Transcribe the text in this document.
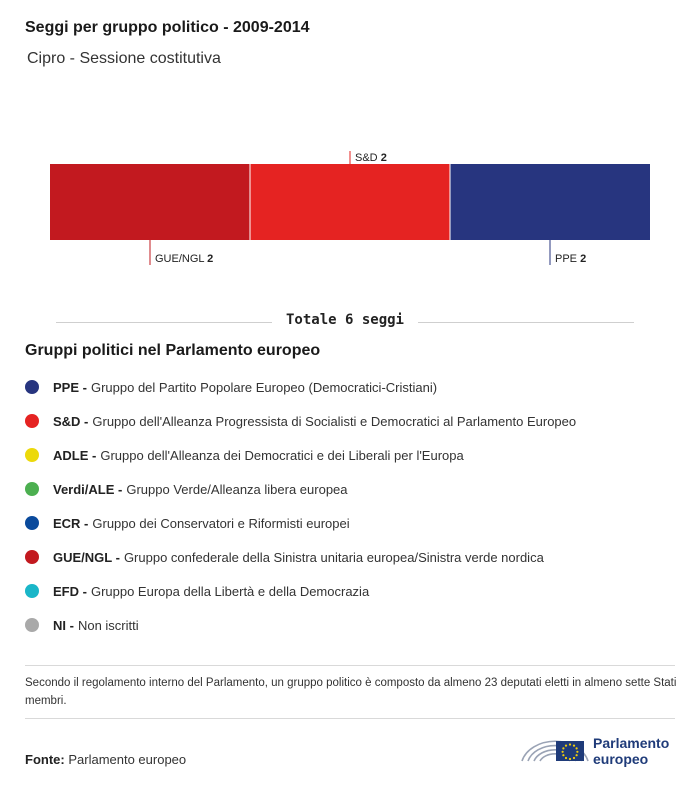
Seggi per gruppo politico - 2009-2014
Cipro - Sessione costitutiva
GUE/NGL 2
S&D 2
PPE 2
Totale 6 seggi
Gruppi politici nel Parlamento europeo
PPE - Gruppo del Partito Popolare Europeo (Democratici-Cristiani)
S&D - Gruppo dell'Alleanza Progressista di Socialisti e Democratici al Parlamento Europeo
ADLE - Gruppo dell'Alleanza dei Democratici e dei Liberali per l'Europa
Verdi/ALE - Gruppo Verde/Alleanza libera europea
ECR - Gruppo dei Conservatori e Riformisti europei
GUE/NGL - Gruppo confederale della Sinistra unitaria europea/Sinistra verde nordica
EFD - Gruppo Europa della Libertà e della Democrazia
NI - Non iscritti
Secondo il regolamento interno del Parlamento, un gruppo politico è composto da almeno 23 deputati eletti in almeno sette Stati membri.
Fonte: Parlamento europeo
Parlamento
europeo
